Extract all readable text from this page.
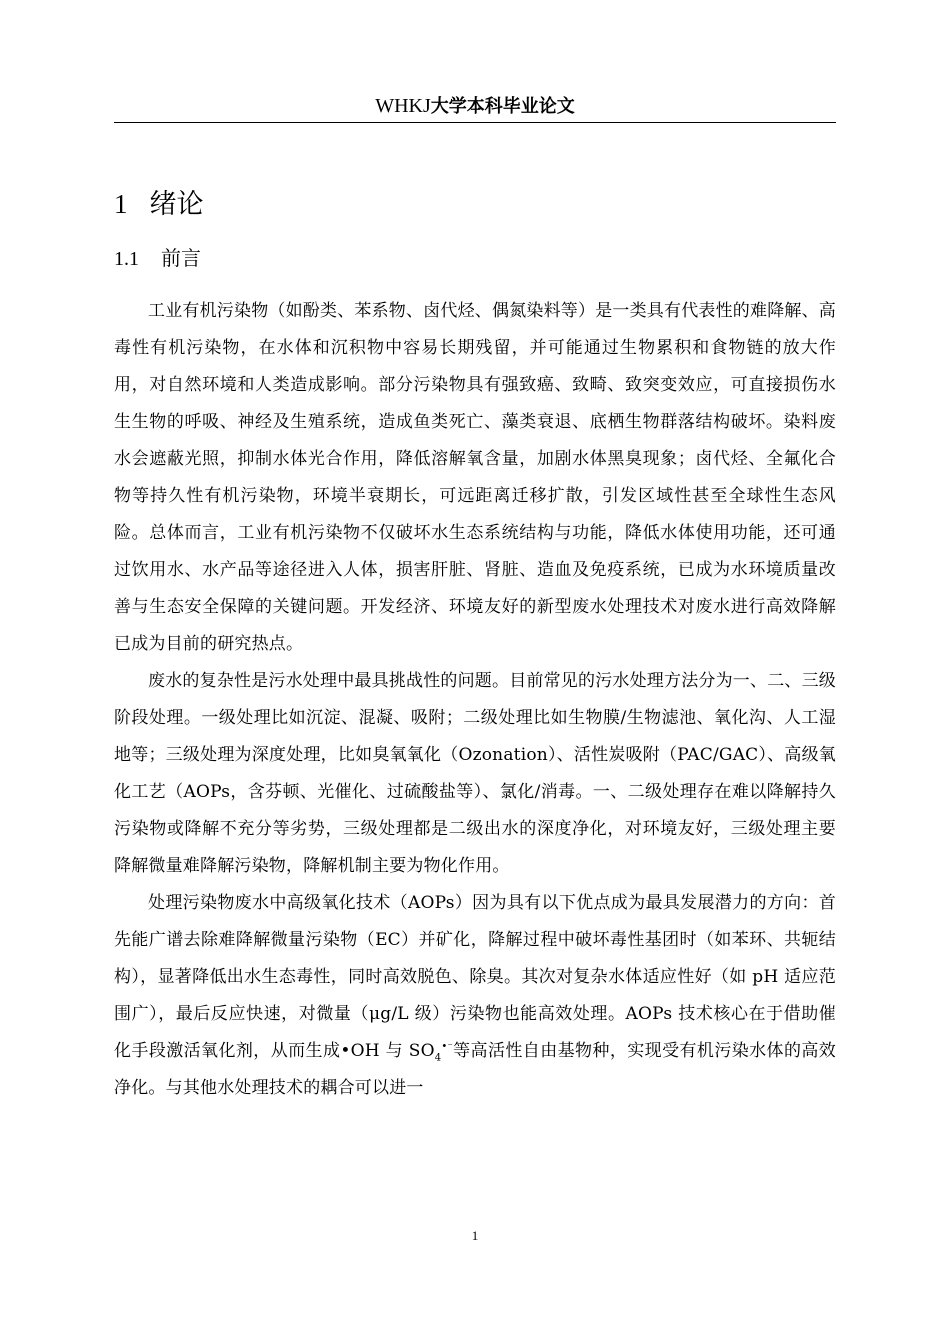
WHKJ大学本科毕业论文
1 绪论
1.1 前言

工业有机污染物（如酚类、苯系物、卤代烃、偶氮染料等）是一类具有代表性的难降解、高毒性有机污染物，在水体和沉积物中容易长期残留，并可能通过生物累积和食物链的放大作用，对自然环境和人类造成影响。部分污染物具有强致癌、致畸、致突变效应，可直接损伤水生生物的呼吸、神经及生殖系统，造成鱼类死亡、藻类衰退、底栖生物群落结构破坏。染料废水会遮蔽光照，抑制水体光合作用，降低溶解氧含量，加剧水体黑臭现象；卤代烃、全氟化合物等持久性有机污染物，环境半衰期长，可远距离迁移扩散，引发区域性甚至全球性生态风险。总体而言，工业有机污染物不仅破坏水生态系统结构与功能，降低水体使用功能，还可通过饮用水、水产品等途径进入人体，损害肝脏、肾脏、造血及免疫系统，已成为水环境质量改善与生态安全保障的关键问题。开发经济、环境友好的新型废水处理技术对废水进行高效降解已成为目前的研究热点。

废水的复杂性是污水处理中最具挑战性的问题。目前常见的污水处理方法分为一、二、三级阶段处理。一级处理比如沉淀、混凝、吸附；二级处理比如生物膜/生物滤池、氧化沟、人工湿地等；三级处理为深度处理，比如臭氧氧化（Ozonation）、活性炭吸附（PAC/GAC）、高级氧化工艺（AOPs，含芬顿、光催化、过硫酸盐等）、氯化/消毒。一、二级处理存在难以降解持久污染物或降解不充分等劣势，三级处理都是二级出水的深度净化，对环境友好，三级处理主要降解微量难降解污染物，降解机制主要为物化作用。

处理污染物废水中高级氧化技术（AOPs）因为具有以下优点成为最具发展潜力的方向：首先能广谱去除难降解微量污染物（EC）并矿化，降解过程中破坏毒性基团时（如苯环、共轭结构），显著降低出水生态毒性，同时高效脱色、除臭。其次对复杂水体适应性好（如 pH 适应范围广），最后反应快速，对微量（μg/L 级）污染物也能高效处理。AOPs 技术核心在于借助催化手段激活氧化剂，从而生成•OH 与 $SO_4^{•^-}$等高活性自由基物种，实现受有机污染水体的高效净化。与其他水处理技术的耦合可以进一

1
